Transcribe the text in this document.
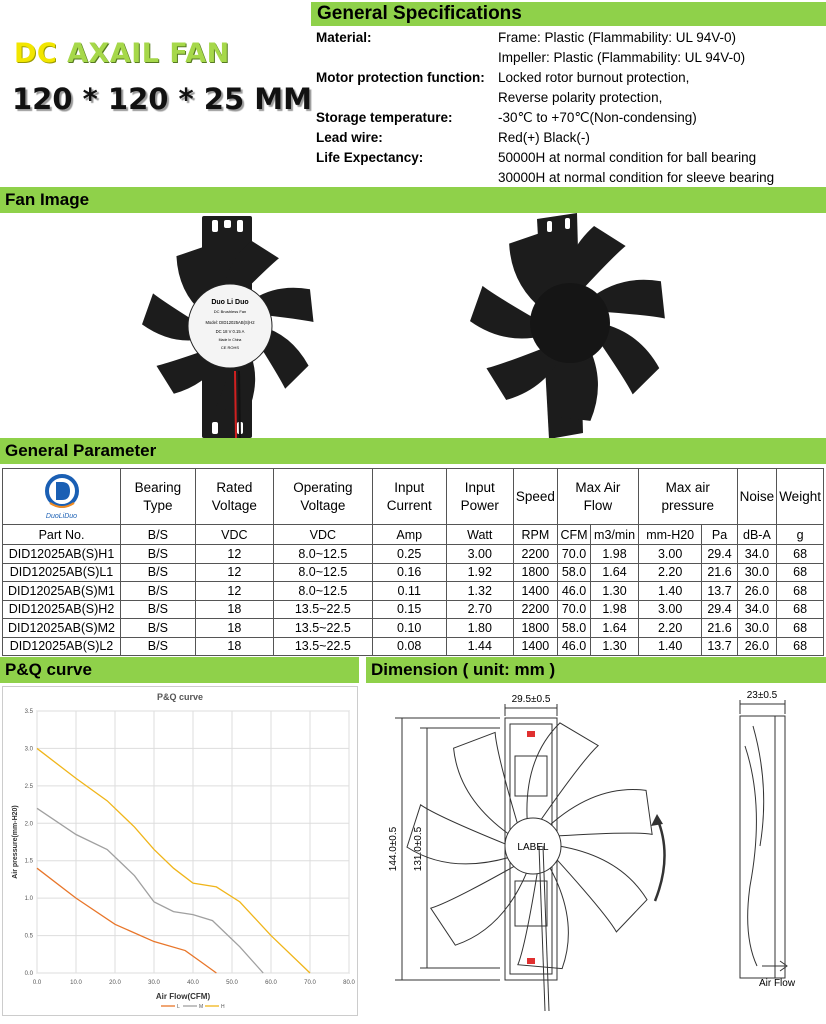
DC AXAIL FAN
120 * 120 * 25 MM
General Specifications
Material:	Frame: Plastic (Flammability: UL 94V-0)
Impeller: Plastic (Flammability: UL 94V-0)
Motor protection function: Locked rotor burnout protection,
Reverse polarity protection,
Storage temperature:	-30℃ to +70℃(Non-condensing)
Lead wire:	Red(+) Black(-)
Life Expectancy:	50000H at normal condition for ball bearing
30000H at normal condition for sleeve bearing
Fan Image
Duo Li Duo
DC Brushless Fan
Model: DID12025AB(S)H2
DC 18 V 0.15 A
Made In China
CE ROHS
General Parameter
DuoLiDuo	Bearing Type	Rated Voltage	Operating Voltage	Input Current	Input Power	Speed	Max Air Flow		Max air pressure		Noise	Weight
Part No.	B/S	VDC	VDC	Amp	Watt	RPM	CFM	m3/min	mm-H20	Pa	dB-A	g
DID12025AB(S)H1	B/S	12	8.0~12.5	0.25	3.00	2200	70.0	1.98	3.00	29.4	34.0	68
DID12025AB(S)L1	B/S	12	8.0~12.5	0.16	1.92	1800	58.0	1.64	2.20	21.6	30.0	68
DID12025AB(S)M1	B/S	12	8.0~12.5	0.11	1.32	1400	46.0	1.30	1.40	13.7	26.0	68
DID12025AB(S)H2	B/S	18	13.5~22.5	0.15	2.70	2200	70.0	1.98	3.00	29.4	34.0	68
DID12025AB(S)M2	B/S	18	13.5~22.5	0.10	1.80	1800	58.0	1.64	2.20	21.6	30.0	68
DID12025AB(S)L2	B/S	18	13.5~22.5	0.08	1.44	1400	46.0	1.30	1.40	13.7	26.0	68
P&Q curve	Dimension ( unit: mm )
P&Q curve
0.0	10.0	20.0	30.0	40.0	50.0	60.0	70.0	80.0
0.0
0.5
1.0
1.5
2.0
2.5
3.0
3.5
Air Flow(CFM)
Air pressure(mm-H20)
L	M	H
29.5±0.5	23±0.5
144.0±0.5 131.0±0.5	LABEL
Air Flow
